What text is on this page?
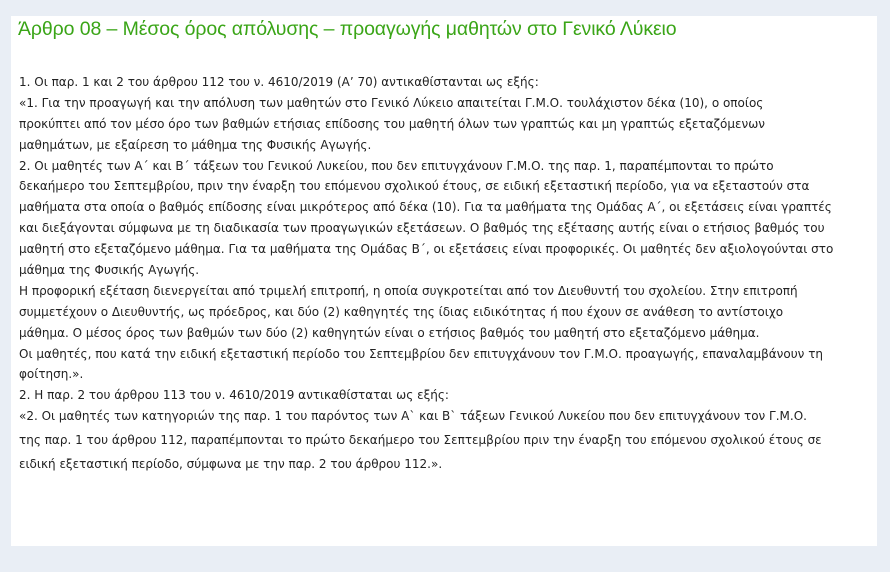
Άρθρο 08 – Μέσος όρος απόλυσης – προαγωγής μαθητών στο Γενικό Λύκειο
1. Οι παρ. 1 και 2 του άρθρου 112 του ν. 4610/2019 (Α’ 70) αντικαθίστανται ως εξής:
«1. Για την προαγωγή και την απόλυση των μαθητών στο Γενικό Λύκειο απαιτείται Γ.Μ.Ο. τουλάχιστον δέκα (10), ο οποίος
προκύπτει από τον μέσο όρο των βαθμών ετήσιας επίδοσης του μαθητή όλων των γραπτώς και μη γραπτώς εξεταζόμενων
μαθημάτων, με εξαίρεση το μάθημα της Φυσικής Αγωγής.
2. Οι μαθητές των Α΄ και Β΄ τάξεων του Γενικού Λυκείου, που δεν επιτυγχάνουν Γ.Μ.Ο. της παρ. 1, παραπέμπονται το πρώτο
δεκαήμερο του Σεπτεμβρίου, πριν την έναρξη του επόμενου σχολικού έτους, σε ειδική εξεταστική περίοδο, για να εξεταστούν στα
μαθήματα στα οποία ο βαθμός επίδοσης είναι μικρότερος από δέκα (10). Για τα μαθήματα της Ομάδας Α΄, οι εξετάσεις είναι γραπτές
και διεξάγονται σύμφωνα με τη διαδικασία των προαγωγικών εξετάσεων. Ο βαθμός της εξέτασης αυτής είναι ο ετήσιος βαθμός του
μαθητή στο εξεταζόμενο μάθημα. Για τα μαθήματα της Ομάδας Β΄, οι εξετάσεις είναι προφορικές. Οι μαθητές δεν αξιολογούνται στο
μάθημα της Φυσικής Αγωγής.
Η προφορική εξέταση διενεργείται από τριμελή επιτροπή, η οποία συγκροτείται από τον Διευθυντή του σχολείου. Στην επιτροπή
συμμετέχουν ο Διευθυντής, ως πρόεδρος, και δύο (2) καθηγητές της ίδιας ειδικότητας ή που έχουν σε ανάθεση το αντίστοιχο
μάθημα. Ο μέσος όρος των βαθμών των δύο (2) καθηγητών είναι ο ετήσιος βαθμός του μαθητή στο εξεταζόμενο μάθημα.
Οι μαθητές, που κατά την ειδική εξεταστική περίοδο του Σεπτεμβρίου δεν επιτυγχάνουν τον Γ.Μ.Ο. προαγωγής, επαναλαμβάνουν τη
φοίτηση.».
2. Η παρ. 2 του άρθρου 113 του ν. 4610/2019 αντικαθίσταται ως εξής:
«2. Οι μαθητές των κατηγοριών της παρ. 1 του παρόντος των Α` και Β` τάξεων Γενικού Λυκείου που δεν επιτυγχάνουν τον Γ.Μ.Ο.
της παρ. 1 του άρθρου 112, παραπέμπονται το πρώτο δεκαήμερο του Σεπτεμβρίου πριν την έναρξη του επόμενου σχολικού έτους σε
ειδική εξεταστική περίοδο, σύμφωνα με την παρ. 2 του άρθρου 112.».
